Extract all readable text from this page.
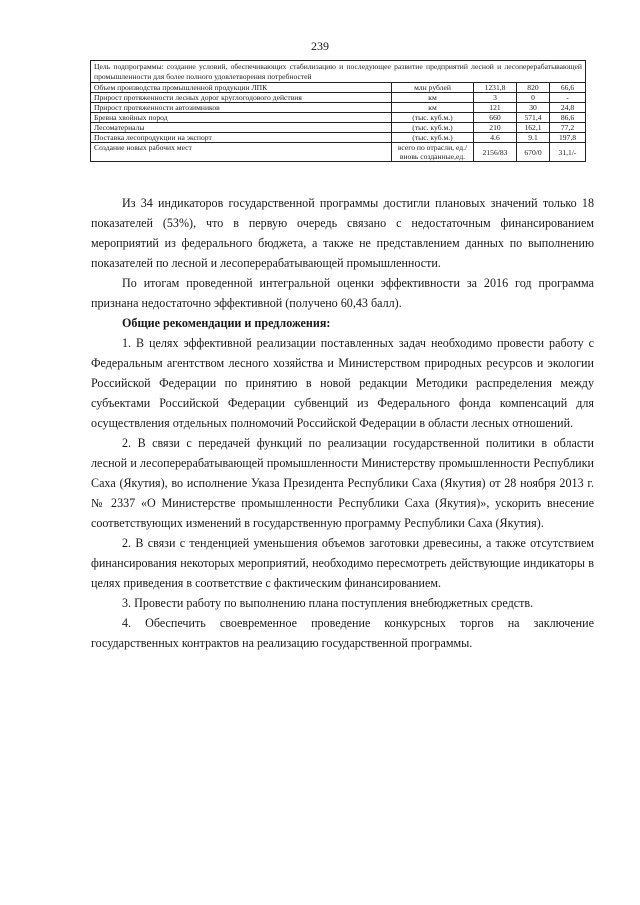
239
Цель подпрограммы: создание условий, обеспечивающих стабилизацию и последующее развитие предприятий лесной и лесоперерабатывающей промышленности для более полного удовлетворения потребностей				
Объем производства промышленной продукции ЛПК	млн рублей	1231,8	820	66,6
Прирост протяженности лесных дорог круглогодового действия	км	3	0	-
Прирост протяженности автозимников	км	121	30	24,8
Бревна хвойных пород	(тыс. куб.м.)	660	571,4	86,6
Лесоматериалы	(тыс. куб.м.)	210	162,1	77,2
Поставка лесопродукции на экспорт	(тыс. куб.м.)	4.6	9.1	197,8
Создание новых рабочих мест	всего по отрасли, ед./вновь созданные,ед.	2156/83	670/0	31,1/-

Из 34 индикаторов государственной программы достигли плановых значений только 18 показателей (53%), что в первую очередь связано с недостаточным финансированием мероприятий из федерального бюджета, а также не представлением данных по выполнению показателей по лесной и лесоперерабатывающей промышленности.

По итогам проведенной интегральной оценки эффективности за 2016 год программа признана недостаточно эффективной (получено 60,43 балл).

Общие рекомендации и предложения:

1. В целях эффективной реализации поставленных задач необходимо провести работу с Федеральным агентством лесного хозяйства и Министерством природных ресурсов и экологии Российской Федерации по принятию в новой редакции Методики распределения между субъектами Российской Федерации субвенций из Федерального фонда компенсаций для осуществления отдельных полномочий Российской Федерации в области лесных отношений.

2. В связи с передачей функций по реализации государственной политики в области лесной и лесоперерабатывающей промышленности Министерству промышленности Республики Саха (Якутия), во исполнение Указа Президента Республики Саха (Якутия) от 28 ноября 2013 г. № 2337 «О Министерстве промышленности Республики Саха (Якутия)», ускорить внесение соответствующих изменений в государственную программу Республики Саха (Якутия).

2. В связи с тенденцией уменьшения объемов заготовки древесины, а также отсутствием финансирования некоторых мероприятий, необходимо пересмотреть действующие индикаторы в целях приведения в соответствие с фактическим финансированием.

3. Провести работу по выполнению плана поступления внебюджетных средств.

4. Обеспечить своевременное проведение конкурсных торгов на заключение государственных контрактов на реализацию государственной программы.
